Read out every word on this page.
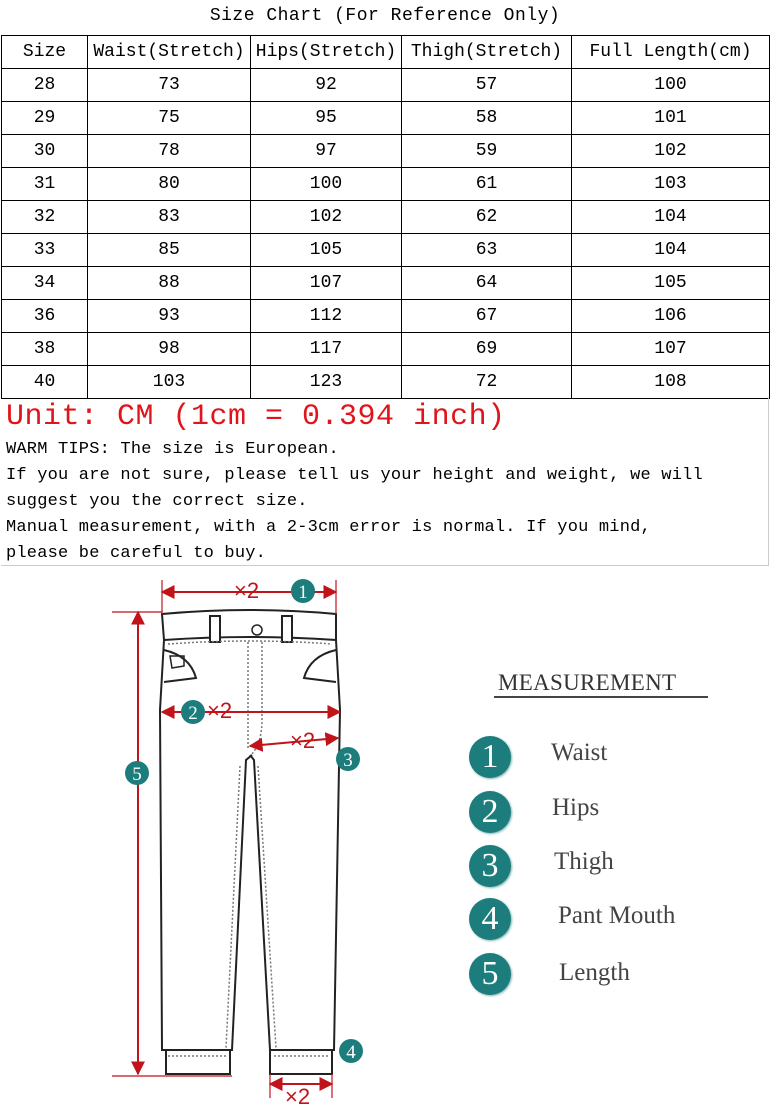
Size Chart (For Reference Only)
Size	Waist(Stretch)	Hips(Stretch)	Thigh(Stretch)	Full Length(cm)
28	73	92	57	100
29	75	95	58	101
30	78	97	59	102
31	80	100	61	103
32	83	102	62	104
33	85	105	63	104
34	88	107	64	105
36	93	112	67	106
38	98	117	69	107
40	103	123	72	108
Unit: CM (1cm = 0.394 inch)
WARM TIPS: The size is European.
If you are not sure, please tell us your height and weight, we will
suggest you the correct size.
Manual measurement, with a 2-3cm error is normal. If you mind,
please be careful to buy.
×2
×2
×2
×2
1
2
3
4
5
MEASUREMENT
1	Waist
2	Hips
3	Thigh
4	Pant Mouth
5	Length
